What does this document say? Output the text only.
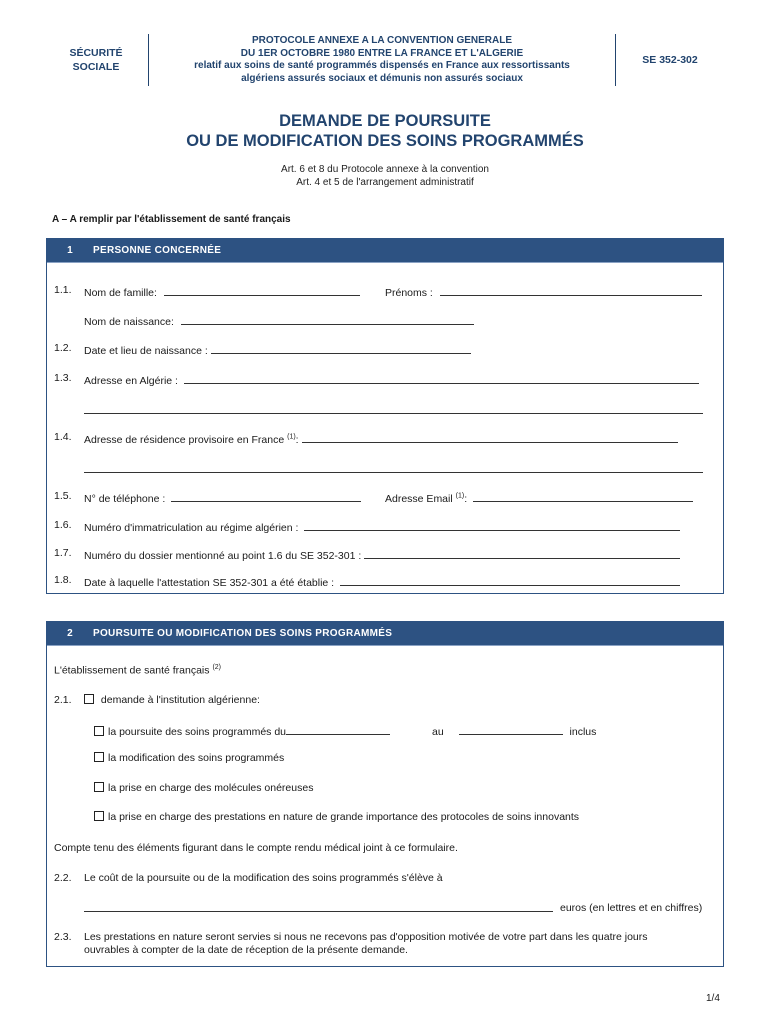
SÉCURITÉ
SOCIALE
PROTOCOLE ANNEXE A LA CONVENTION GENERALE
DU 1ER OCTOBRE 1980 ENTRE LA FRANCE ET L'ALGERIE
relatif aux soins de santé programmés dispensés en France aux ressortissants
algériens assurés sociaux et démunis non assurés sociaux
SE 352-302
DEMANDE DE POURSUITE
OU DE MODIFICATION DES SOINS PROGRAMMÉS
Art. 6 et 8 du Protocole annexe à la convention
Art. 4 et 5 de l'arrangement administratif
A – A remplir par l'établissement de santé français
1	PERSONNE CONCERNÉE
1.1. Nom de famille:	Prénoms :
Nom de naissance:
1.2. Date et lieu de naissance :
1.3. Adresse en Algérie :
1.4. Adresse de résidence provisoire en France $^{(1)}$:
1.5. N° de téléphone :	Adresse Email $^{(1)}$:
1.6. Numéro d'immatriculation au régime algérien :
1.7. Numéro du dossier mentionné au point 1.6 du SE 352-301 :
1.8. Date à laquelle l'attestation SE 352-301 a été établie :
2	POURSUITE OU MODIFICATION DES SOINS PROGRAMMÉS
L'établissement de santé français $^{(2)}$
2.1.	demande à l'institution algérienne:
la poursuite des soins programmés du	au	inclus
la modification des soins programmés
la prise en charge des molécules onéreuses
la prise en charge des prestations en nature de grande importance des protocoles de soins innovants
Compte tenu des éléments figurant dans le compte rendu médical joint à ce formulaire.
2.2. Le coût de la poursuite ou de la modification des soins programmés s'élève à
euros (en lettres et en chiffres)
2.3. Les prestations en nature seront servies si nous ne recevons pas d'opposition motivée de votre part dans les quatre jours
ouvrables à compter de la date de réception de la présente demande.
1/4
